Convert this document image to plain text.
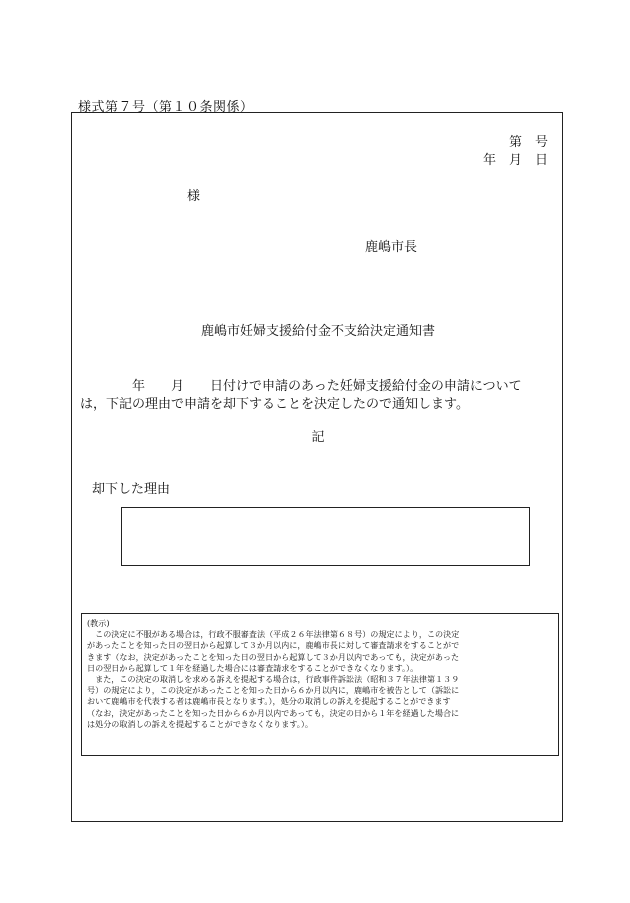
様式第７号（第１０条関係）
第　号
年　月　日
様
鹿嶋市長
鹿嶋市妊婦支援給付金不支給決定通知書
　　　　年　　月　　日付けで申請のあった妊婦支援給付金の申請について
は，下記の理由で申請を却下することを決定したので通知します。
記
却下した理由
(教示)
　この決定に不服がある場合は，行政不服審査法（平成２６年法律第６８号）の規定により，この決定
があったことを知った日の翌日から起算して３か月以内に，鹿嶋市長に対して審査請求をすることがで
きます（なお，決定があったことを知った日の翌日から起算して３か月以内であっても，決定があった
日の翌日から起算して１年を経過した場合には審査請求をすることができなくなります。）。
　また，この決定の取消しを求める訴えを提起する場合は，行政事件訴訟法（昭和３７年法律第１３９
号）の規定により，この決定があったことを知った日から６か月以内に，鹿嶋市を被告として（訴訟に
おいて鹿嶋市を代表する者は鹿嶋市長となります。），処分の取消しの訴えを提起することができます
（なお，決定があったことを知った日から６か月以内であっても，決定の日から１年を経過した場合に
は処分の取消しの訴えを提起することができなくなります。）。
